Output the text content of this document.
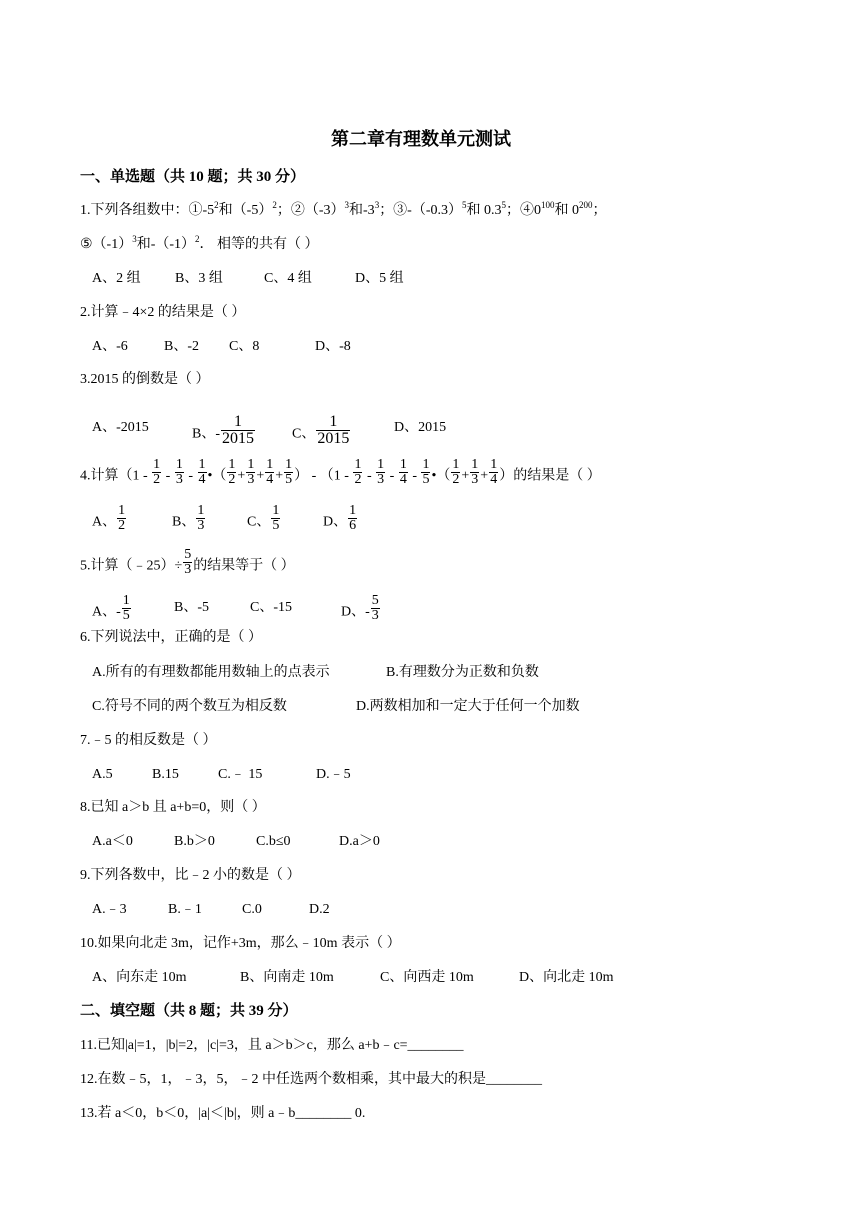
第二章有理数单元测试
一、单选题（共 10 题；共 30 分）
1.下列各组数中：$①-5^2$和$(-5)^2$；$②(-3)^3$和$-3^3$；$③-(-0.3)^5$和 $0.3^5$；$④0^{100}$和 $0^{200}$；
$⑤(-1)^3$和$-(-1)^2$． 相等的共有（ ）
A、2 组 B、3 组	C、4 组	D、5 组
2.计算﹣4×2 的结果是（ ）
A、-6	B、-2 C、8	D、-8
3.2015 的倒数是（ ）
A、-2015	B、- $\frac{1}{2015}$	C、 $\frac{1}{2015}$	D、2015
4.计算（$1 - \frac{1}{2} - \frac{1}{3} - \frac{1}{4}$ •（ $\frac{1}{2} + \frac{1}{3} + \frac{1}{4} + \frac{1}{5}$ ） - （$1 - \frac{1}{2} - \frac{1}{3} - \frac{1}{4} - \frac{1}{5}$ •（ $\frac{1}{2} + \frac{1}{3} + \frac{1}{4}$ ）的结果是（ ）
A、 $\frac{1}{2}$	B、 $\frac{1}{3}$	C、 $\frac{1}{5}$	D、 $\frac{1}{6}$
5.计算（﹣25）÷ $\frac{5}{3}$ 的结果等于（ ）
A、- $\frac{1}{5}$	B、-5	C、-15	D、- $\frac{5}{3}$
6.下列说法中，正确的是（ ）
A.所有的有理数都能用数轴上的点表示	B.有理数分为正数和负数
C.符号不同的两个数互为相反数	D.两数相加和一定大于任何一个加数
7.﹣5 的相反数是（ ）
A.5	B.15	C.﹣ 15	D.﹣5
8.已知 a＞b 且 a+b=0，则（ ）
A.a＜0	B.b＞0	C.b≤0	D.a＞0
9.下列各数中，比﹣2 小的数是（ ）
A.﹣3	B.﹣1	C.0	D.2
10.如果向北走 3m，记作+3m，那么﹣10m 表示（ ）
A、向东走 10m	B、向南走 10m	C、向西走 10m	D、向北走 10m
二、填空题（共 8 题；共 39 分）
11.已知|a|=1，|b|=2，|c|=3，且 a＞b＞c，那么 a+b﹣c=________
12.在数﹣5，1，﹣3，5，﹣2 中任选两个数相乘，其中最大的积是________
13.若 a＜0，b＜0，|a|＜|b|，则 a﹣b________ 0.
